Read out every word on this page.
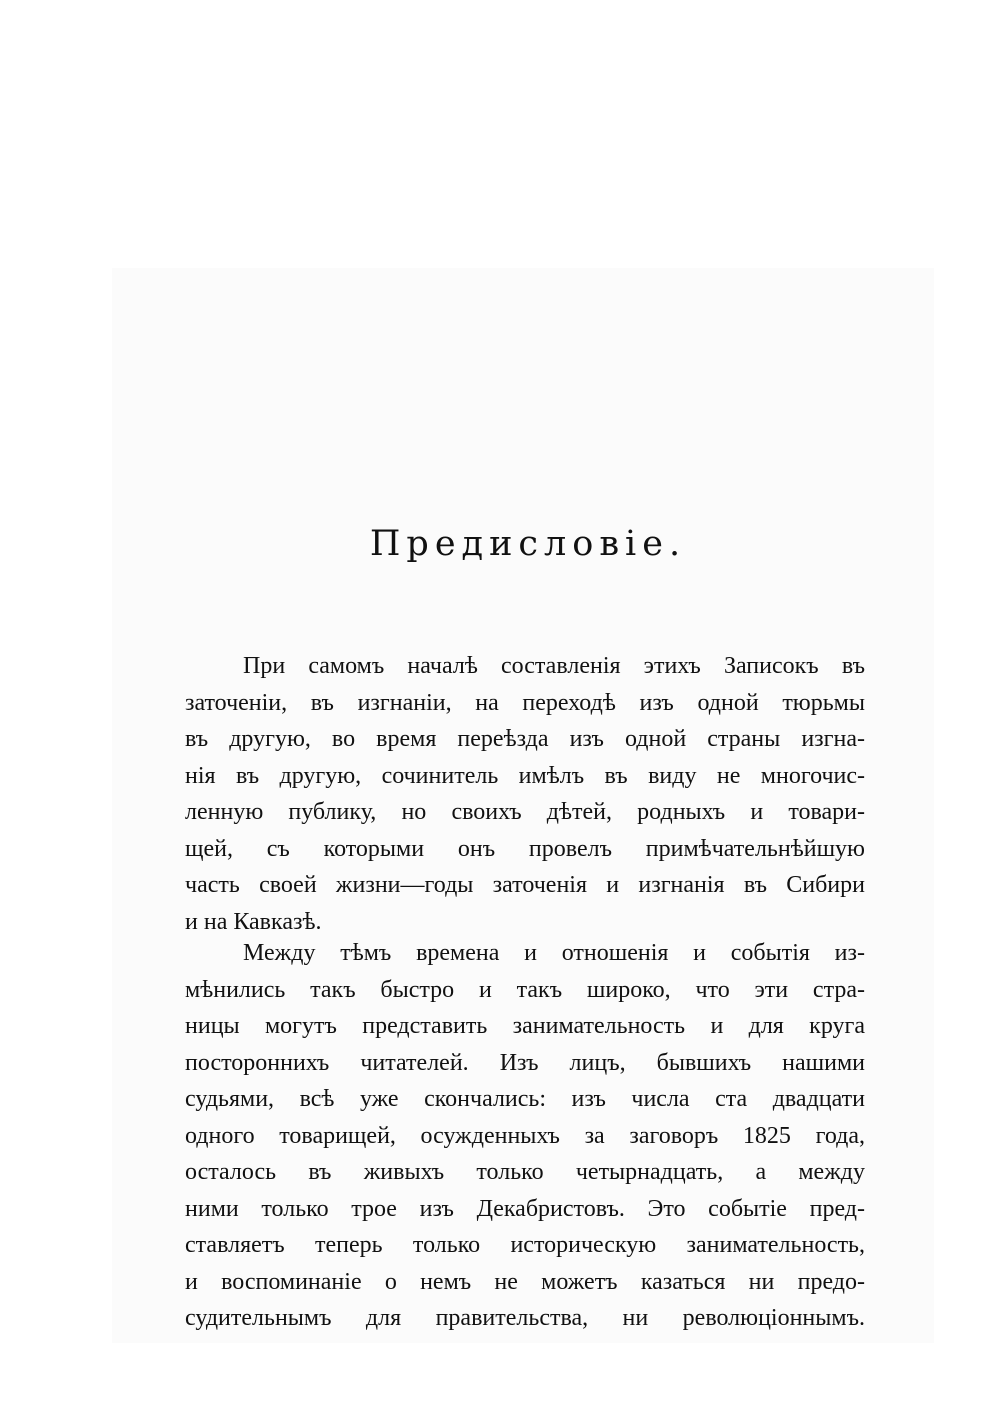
Предисловіе.
При самомъ началѣ составленія этихъ Записокъ въ
заточеніи, въ изгнаніи, на переходѣ изъ одной тюрьмы
въ другую, во время переѣзда изъ одной страны изгна-
нія въ другую, сочинитель имѣлъ въ виду не многочис-
ленную публику, но своихъ дѣтей, родныхъ и товари-
щей, съ которыми онъ провелъ примѣчательнѣйшую
часть своей жизни—годы заточенія и изгнанія въ Сибири
и на Кавказѣ.
Между тѣмъ времена и отношенія и событія из-
мѣнились такъ быстро и такъ широко, что эти стра-
ницы могутъ представить занимательность и для круга
постороннихъ читателей. Изъ лицъ, бывшихъ нашими
судьями, всѣ уже скончались: изъ числа ста двадцати
одного товарищей, осужденныхъ за заговоръ 1825 года,
осталось въ живыхъ только четырнадцать, а между
ними только трое изъ Декабристовъ. Это событіе пред-
ставляетъ теперь только историческую занимательность,
и воспоминаніе о немъ не можетъ казаться ни предо-
судительнымъ для правительства, ни революціоннымъ.
